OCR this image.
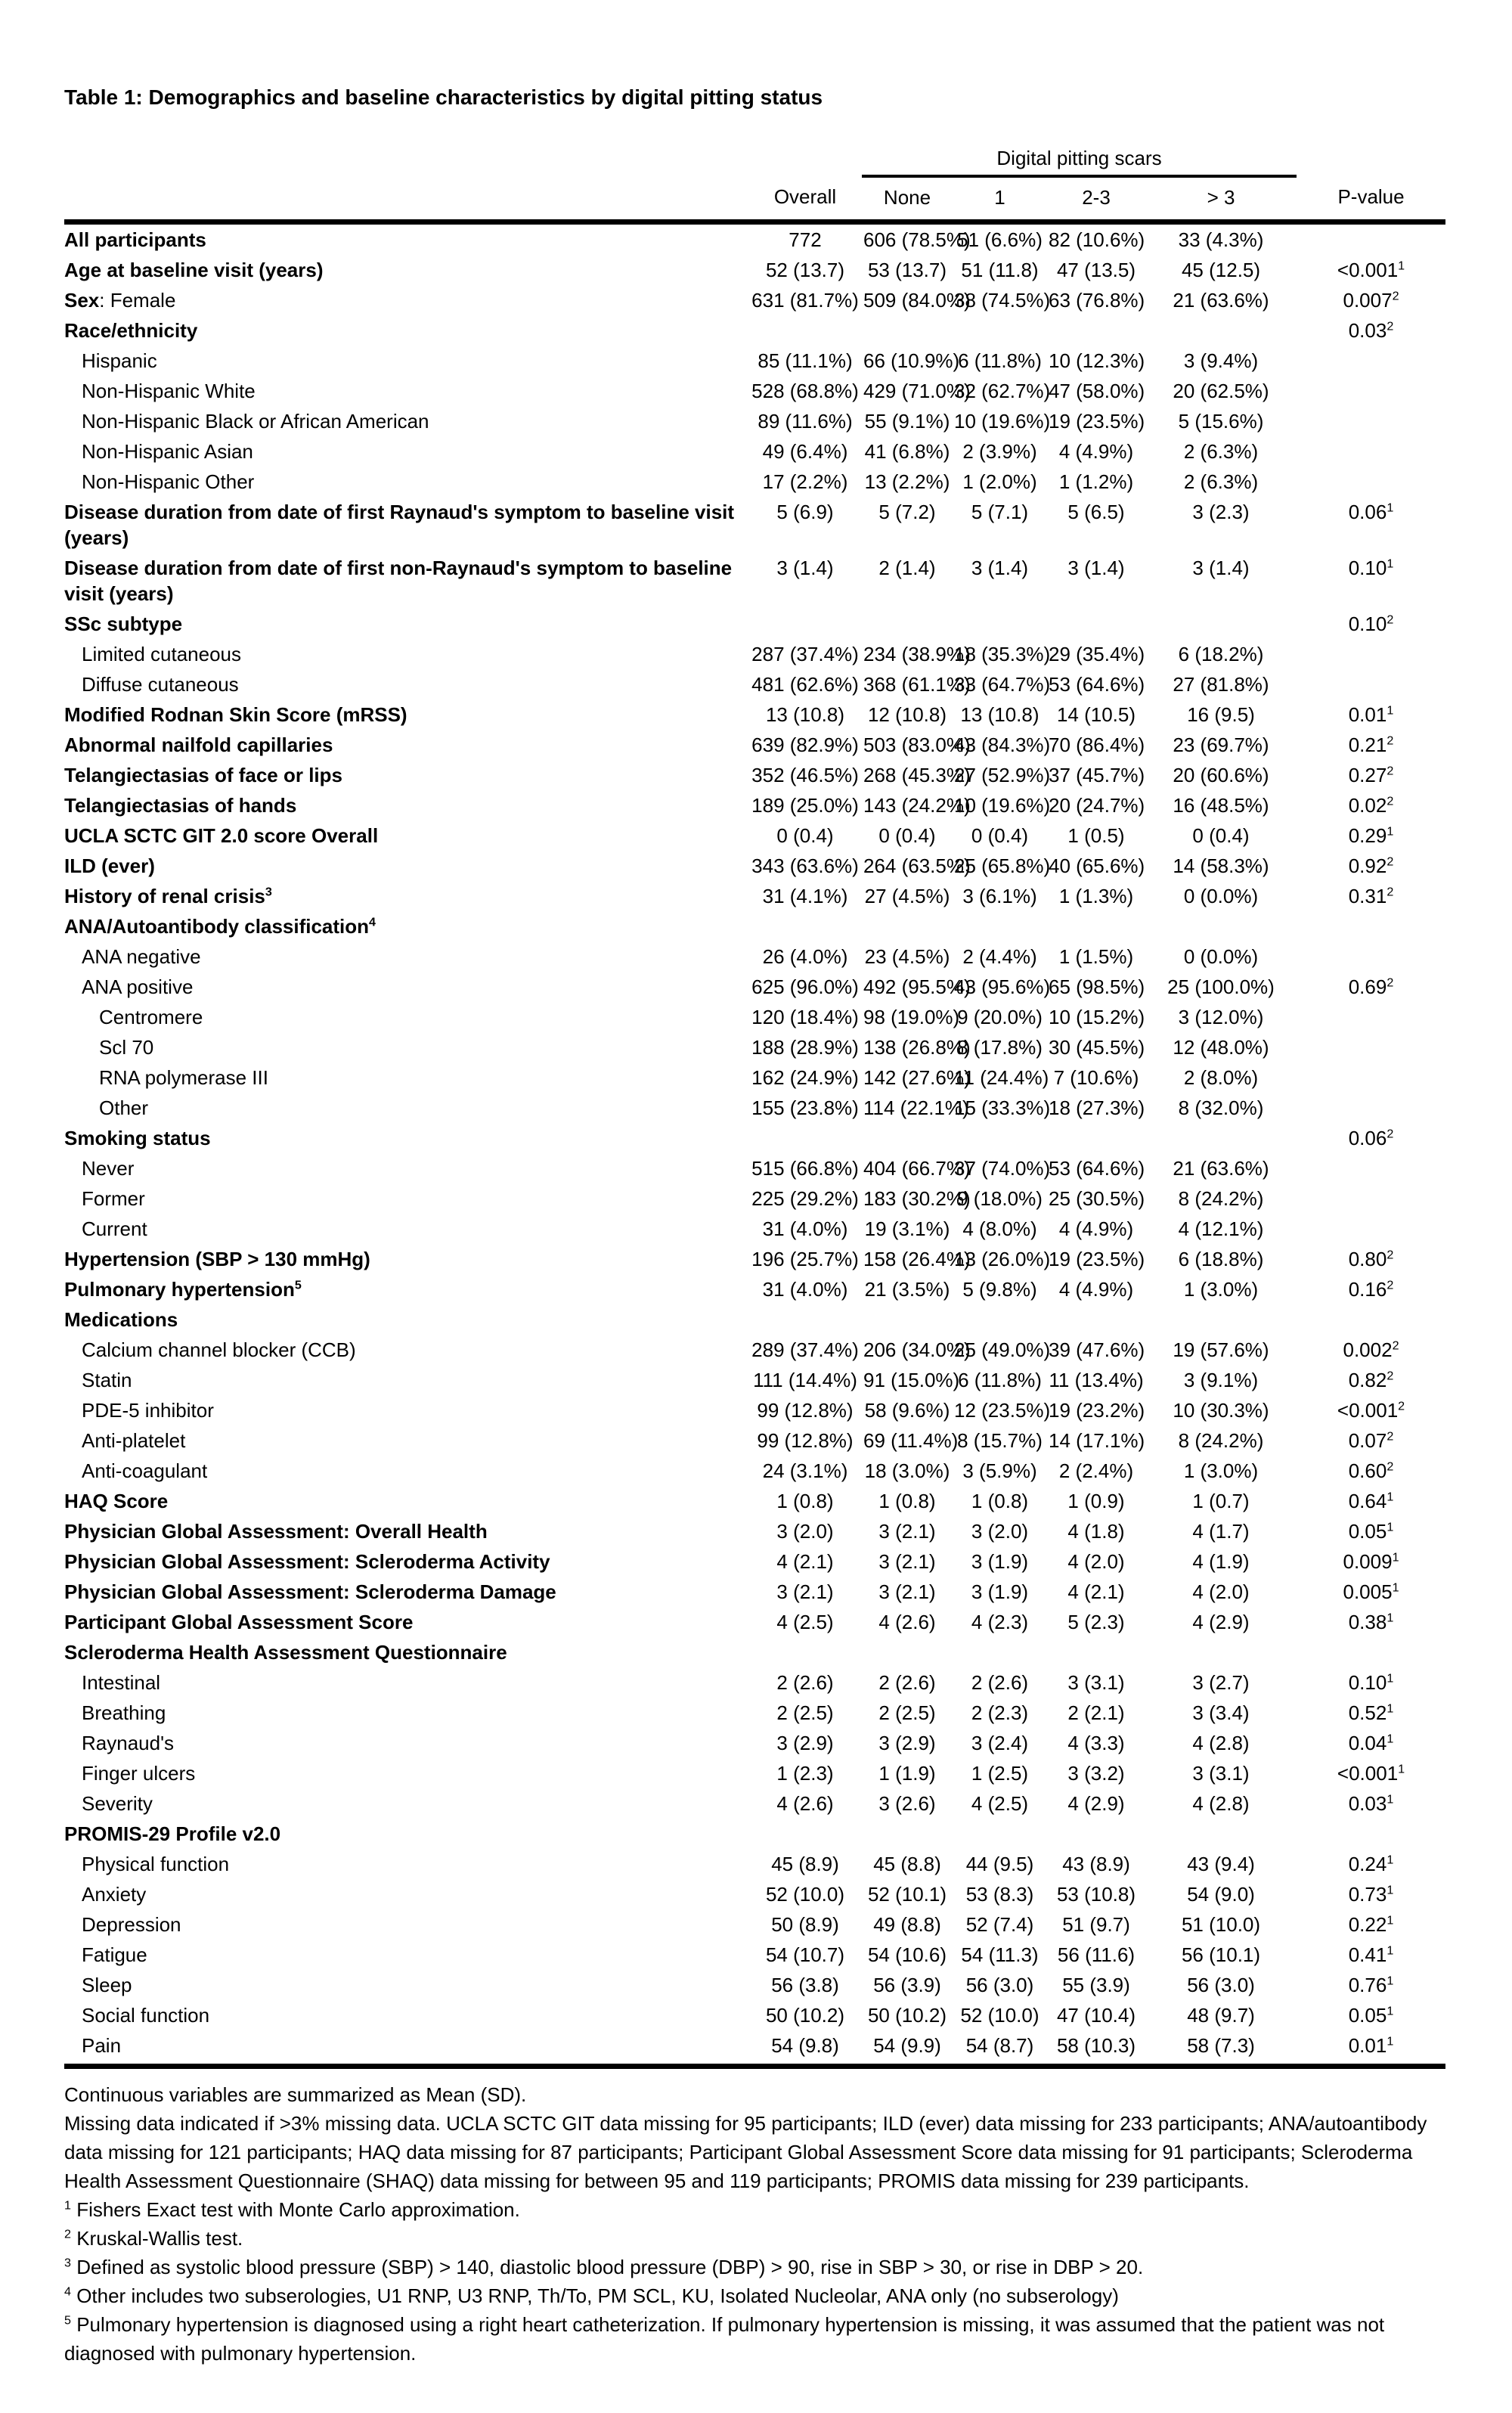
Table 1: Demographics and baseline characteristics by digital pitting status
		Digital pitting scars				
	Overall	None	1	2-3	> 3	P-value
All participants	772	606 (78.5%)	51 (6.6%)	82 (10.6%)	33 (4.3%)	
Age at baseline visit (years)	52 (13.7)	53 (13.7)	51 (11.8)	47 (13.5)	45 (12.5)	$<0.001^1$
Sex: Female	631 (81.7%)	509 (84.0%)	38 (74.5%)	63 (76.8%)	21 (63.6%)	0.007$^2$
Race/ethnicity						0.03$^2$
Hispanic	85 (11.1%)	66 (10.9%)	6 (11.8%)	10 (12.3%)	3 (9.4%)	
Non-Hispanic White	528 (68.8%)	429 (71.0%)	32 (62.7%)	47 (58.0%)	20 (62.5%)	
Non-Hispanic Black or African American	89 (11.6%)	55 (9.1%)	10 (19.6%)	19 (23.5%)	5 (15.6%)	
Non-Hispanic Asian	49 (6.4%)	41 (6.8%)	2 (3.9%)	4 (4.9%)	2 (6.3%)	
Non-Hispanic Other	17 (2.2%)	13 (2.2%)	1 (2.0%)	1 (1.2%)	2 (6.3%)	
Disease duration from date of first Raynaud's symptom to baseline visit (years)	5 (6.9)	5 (7.2)	5 (7.1)	5 (6.5)	3 (2.3)	0.06$^1$
Disease duration from date of first non-Raynaud's symptom to baseline visit (years)	3 (1.4)	2 (1.4)	3 (1.4)	3 (1.4)	3 (1.4)	0.10$^1$
SSc subtype						0.10$^2$
Limited cutaneous	287 (37.4%)	234 (38.9%)	18 (35.3%)	29 (35.4%)	6 (18.2%)	
Diffuse cutaneous	481 (62.6%)	368 (61.1%)	33 (64.7%)	53 (64.6%)	27 (81.8%)	
Modified Rodnan Skin Score (mRSS)	13 (10.8)	12 (10.8)	13 (10.8)	14 (10.5)	16 (9.5)	0.01$^1$
Abnormal nailfold capillaries	639 (82.9%)	503 (83.0%)	43 (84.3%)	70 (86.4%)	23 (69.7%)	0.21$^2$
Telangiectasias of face or lips	352 (46.5%)	268 (45.3%)	27 (52.9%)	37 (45.7%)	20 (60.6%)	0.27$^2$
Telangiectasias of hands	189 (25.0%)	143 (24.2%)	10 (19.6%)	20 (24.7%)	16 (48.5%)	0.02$^2$
UCLA SCTC GIT 2.0 score Overall	0 (0.4)	0 (0.4)	0 (0.4)	1 (0.5)	0 (0.4)	0.29$^1$
ILD (ever)	343 (63.6%)	264 (63.5%)	25 (65.8%)	40 (65.6%)	14 (58.3%)	0.92$^2$
History of renal crisis$^3$	31 (4.1%)	27 (4.5%)	3 (6.1%)	1 (1.3%)	0 (0.0%)	0.31$^2$
ANA/Autoantibody classification$^4$						
ANA negative	26 (4.0%)	23 (4.5%)	2 (4.4%)	1 (1.5%)	0 (0.0%)	
ANA positive	625 (96.0%)	492 (95.5%)	43 (95.6%)	65 (98.5%)	25 (100.0%)	0.69$^2$
Centromere	120 (18.4%)	98 (19.0%)	9 (20.0%)	10 (15.2%)	3 (12.0%)	
Scl 70	188 (28.9%)	138 (26.8%)	8 (17.8%)	30 (45.5%)	12 (48.0%)	
RNA polymerase III	162 (24.9%)	142 (27.6%)	11 (24.4%)	7 (10.6%)	2 (8.0%)	
Other	155 (23.8%)	114 (22.1%)	15 (33.3%)	18 (27.3%)	8 (32.0%)	
Smoking status						0.06$^2$
Never	515 (66.8%)	404 (66.7%)	37 (74.0%)	53 (64.6%)	21 (63.6%)	
Former	225 (29.2%)	183 (30.2%)	9 (18.0%)	25 (30.5%)	8 (24.2%)	
Current	31 (4.0%)	19 (3.1%)	4 (8.0%)	4 (4.9%)	4 (12.1%)	
Hypertension (SBP > 130 mmHg)	196 (25.7%)	158 (26.4%)	13 (26.0%)	19 (23.5%)	6 (18.8%)	0.80$^2$
Pulmonary hypertension$^5$	31 (4.0%)	21 (3.5%)	5 (9.8%)	4 (4.9%)	1 (3.0%)	0.16$^2$
Medications						
Calcium channel blocker (CCB)	289 (37.4%)	206 (34.0%)	25 (49.0%)	39 (47.6%)	19 (57.6%)	0.002$^2$
Statin	111 (14.4%)	91 (15.0%)	6 (11.8%)	11 (13.4%)	3 (9.1%)	0.82$^2$
PDE-5 inhibitor	99 (12.8%)	58 (9.6%)	12 (23.5%)	19 (23.2%)	10 (30.3%)	$<0.001^2$
Anti-platelet	99 (12.8%)	69 (11.4%)	8 (15.7%)	14 (17.1%)	8 (24.2%)	0.07$^2$
Anti-coagulant	24 (3.1%)	18 (3.0%)	3 (5.9%)	2 (2.4%)	1 (3.0%)	0.60$^2$
HAQ Score	1 (0.8)	1 (0.8)	1 (0.8)	1 (0.9)	1 (0.7)	0.64$^1$
Physician Global Assessment: Overall Health	3 (2.0)	3 (2.1)	3 (2.0)	4 (1.8)	4 (1.7)	0.05$^1$
Physician Global Assessment: Scleroderma Activity	4 (2.1)	3 (2.1)	3 (1.9)	4 (2.0)	4 (1.9)	0.009$^1$
Physician Global Assessment: Scleroderma Damage	3 (2.1)	3 (2.1)	3 (1.9)	4 (2.1)	4 (2.0)	0.005$^1$
Participant Global Assessment Score	4 (2.5)	4 (2.6)	4 (2.3)	5 (2.3)	4 (2.9)	0.38$^1$
Scleroderma Health Assessment Questionnaire						
Intestinal	2 (2.6)	2 (2.6)	2 (2.6)	3 (3.1)	3 (2.7)	0.10$^1$
Breathing	2 (2.5)	2 (2.5)	2 (2.3)	2 (2.1)	3 (3.4)	0.52$^1$
Raynaud's	3 (2.9)	3 (2.9)	3 (2.4)	4 (3.3)	4 (2.8)	0.04$^1$
Finger ulcers	1 (2.3)	1 (1.9)	1 (2.5)	3 (3.2)	3 (3.1)	$<0.001^1$
Severity	4 (2.6)	3 (2.6)	4 (2.5)	4 (2.9)	4 (2.8)	0.03$^1$
PROMIS-29 Profile v2.0						
Physical function	45 (8.9)	45 (8.8)	44 (9.5)	43 (8.9)	43 (9.4)	0.24$^1$
Anxiety	52 (10.0)	52 (10.1)	53 (8.3)	53 (10.8)	54 (9.0)	0.73$^1$
Depression	50 (8.9)	49 (8.8)	52 (7.4)	51 (9.7)	51 (10.0)	0.22$^1$
Fatigue	54 (10.7)	54 (10.6)	54 (11.3)	56 (11.6)	56 (10.1)	0.41$^1$
Sleep	56 (3.8)	56 (3.9)	56 (3.0)	55 (3.9)	56 (3.0)	0.76$^1$
Social function	50 (10.2)	50 (10.2)	52 (10.0)	47 (10.4)	48 (9.7)	0.05$^1$
Pain	54 (9.8)	54 (9.9)	54 (8.7)	58 (10.3)	58 (7.3)	0.01$^1$

Continuous variables are summarized as Mean (SD).

Missing data indicated if >3% missing data. UCLA SCTC GIT data missing for 95 participants; ILD (ever) data missing for 233 participants; ANA/autoantibody data missing for 121 participants; HAQ data missing for 87 participants; Participant Global Assessment Score data missing for 91 participants; Scleroderma Health Assessment Questionnaire (SHAQ) data missing for between 95 and 119 participants; PROMIS data missing for 239 participants.

$^1$ Fishers Exact test with Monte Carlo approximation.

$^2$ Kruskal-Wallis test.

$^3$ Defined as systolic blood pressure (SBP) > 140, diastolic blood pressure (DBP) > 90, rise in SBP > 30, or rise in DBP > 20.

$^4$ Other includes two subserologies, U1 RNP, U3 RNP, Th/To, PM SCL, KU, Isolated Nucleolar, ANA only (no subserology)

$^5$ Pulmonary hypertension is diagnosed using a right heart catheterization. If pulmonary hypertension is missing, it was assumed that the patient was not diagnosed with pulmonary hypertension.
